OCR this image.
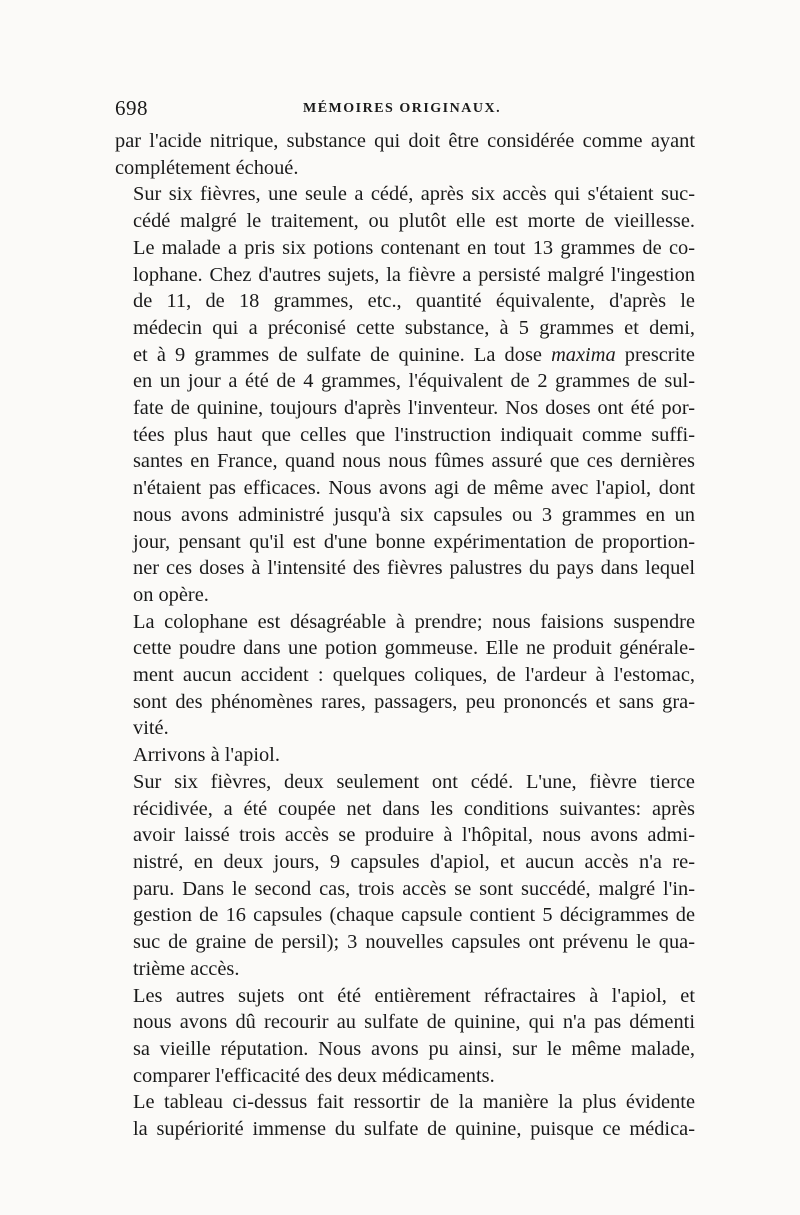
698	MÉMOIRES ORIGINAUX.

par l'acide nitrique, substance qui doit être considérée comme ayant
complétement échoué.

Sur six fièvres, une seule a cédé, après six accès qui s'étaient suc-
cédé malgré le traitement, ou plutôt elle est morte de vieillesse.
Le malade a pris six potions contenant en tout 13 grammes de co-
lophane. Chez d'autres sujets, la fièvre a persisté malgré l'ingestion
de 11, de 18 grammes, etc., quantité équivalente, d'après le
médecin qui a préconisé cette substance, à 5 grammes et demi,
et à 9 grammes de sulfate de quinine. La dose maxima prescrite
en un jour a été de 4 grammes, l'équivalent de 2 grammes de sul-
fate de quinine, toujours d'après l'inventeur. Nos doses ont été por-
tées plus haut que celles que l'instruction indiquait comme suffi-
santes en France, quand nous nous fûmes assuré que ces dernières
n'étaient pas efficaces. Nous avons agi de même avec l'apiol, dont
nous avons administré jusqu'à six capsules ou 3 grammes en un
jour, pensant qu'il est d'une bonne expérimentation de proportion-
ner ces doses à l'intensité des fièvres palustres du pays dans lequel
on opère.

La colophane est désagréable à prendre; nous faisions suspendre
cette poudre dans une potion gommeuse. Elle ne produit générale-
ment aucun accident : quelques coliques, de l'ardeur à l'estomac,
sont des phénomènes rares, passagers, peu prononcés et sans gra-
vité.

Arrivons à l'apiol.

Sur six fièvres, deux seulement ont cédé. L'une, fièvre tierce
récidivée, a été coupée net dans les conditions suivantes: après
avoir laissé trois accès se produire à l'hôpital, nous avons admi-
nistré, en deux jours, 9 capsules d'apiol, et aucun accès n'a re-
paru. Dans le second cas, trois accès se sont succédé, malgré l'in-
gestion de 16 capsules (chaque capsule contient 5 décigrammes de
suc de graine de persil); 3 nouvelles capsules ont prévenu le qua-
trième accès.

Les autres sujets ont été entièrement réfractaires à l'apiol, et
nous avons dû recourir au sulfate de quinine, qui n'a pas démenti
sa vieille réputation. Nous avons pu ainsi, sur le même malade,
comparer l'efficacité des deux médicaments.

Le tableau ci-dessus fait ressortir de la manière la plus évidente
la supériorité immense du sulfate de quinine, puisque ce médica-
